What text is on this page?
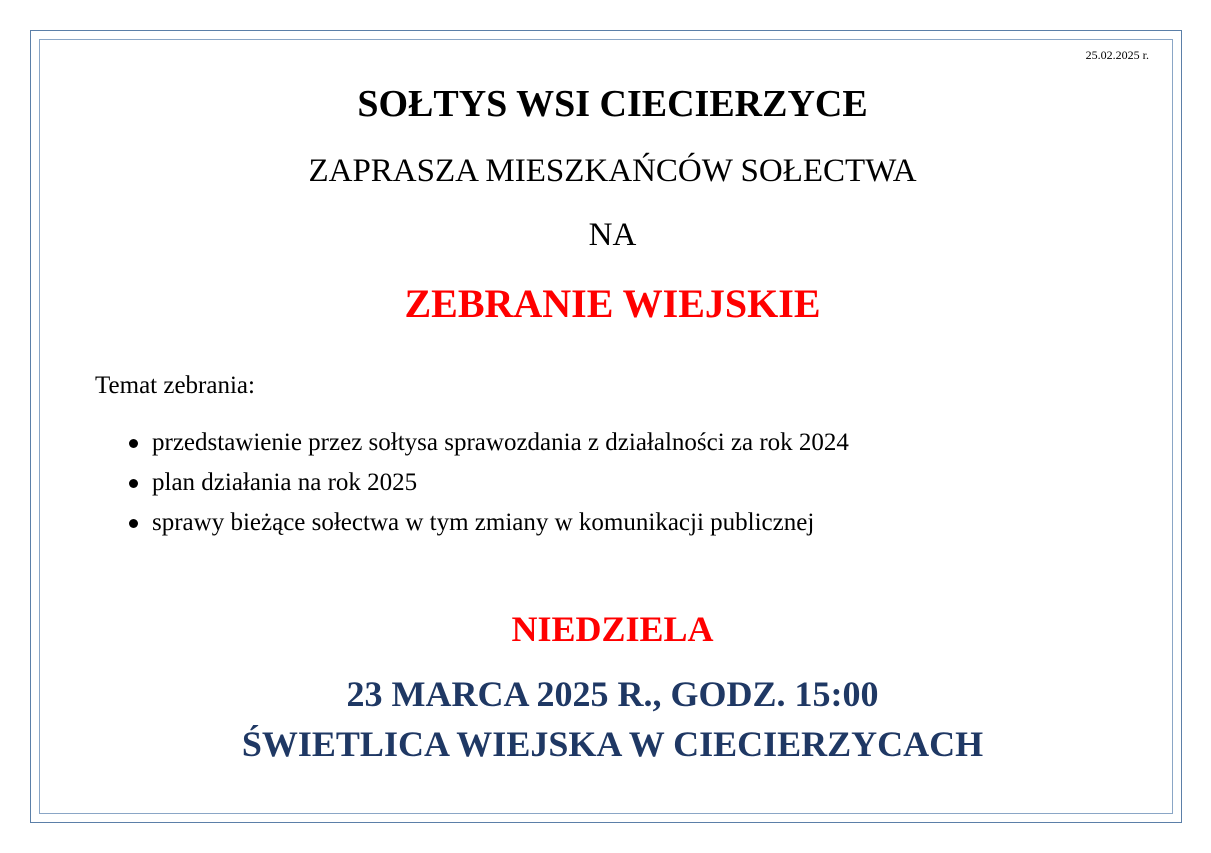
25.02.2025 r.
SOŁTYS WSI CIECIERZYCE
ZAPRASZA MIESZKAŃCÓW SOŁECTWA
NA
ZEBRANIE WIEJSKIE
Temat zebrania:
przedstawienie przez sołtysa sprawozdania z działalności za rok 2024
plan działania na rok 2025
sprawy bieżące sołectwa w tym zmiany w komunikacji publicznej
NIEDZIELA
23 MARCA 2025 R., GODZ. 15:00
ŚWIETLICA WIEJSKA W CIECIERZYCACH
